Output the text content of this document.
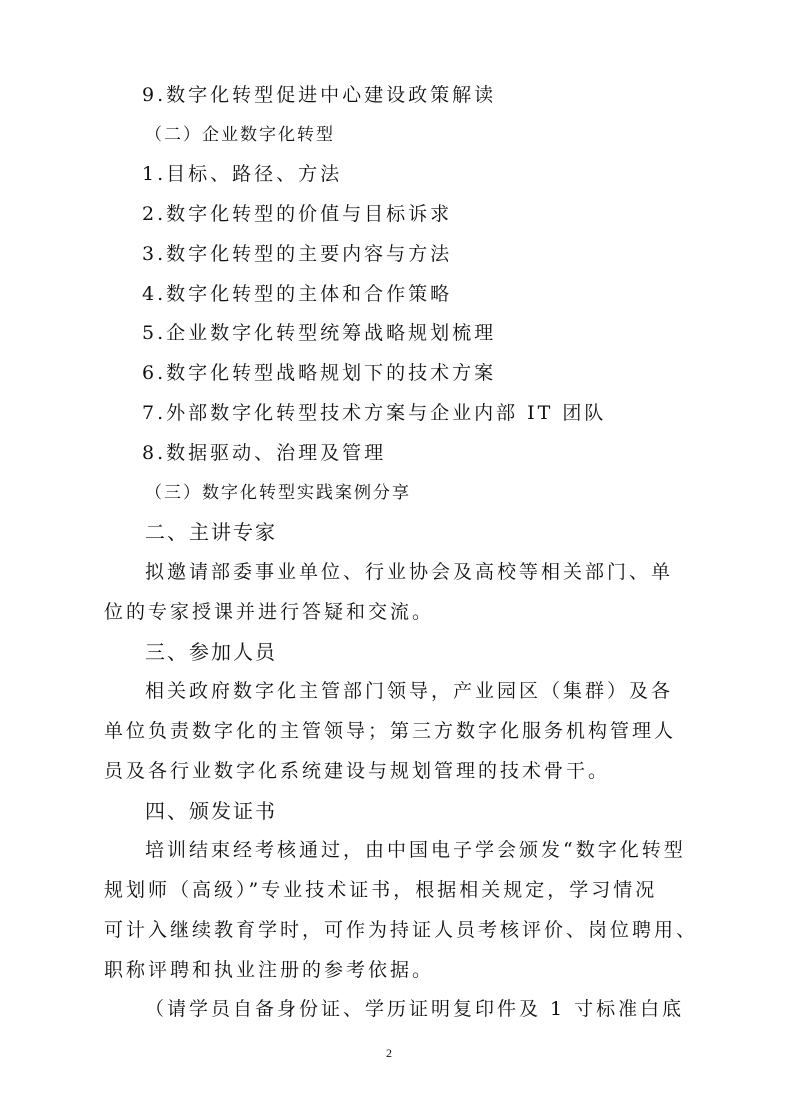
9.数字化转型促进中心建设政策解读
（二）企业数字化转型
1.目标、路径、方法
2.数字化转型的价值与目标诉求
3.数字化转型的主要内容与方法
4.数字化转型的主体和合作策略
5.企业数字化转型统筹战略规划梳理
6.数字化转型战略规划下的技术方案
7.外部数字化转型技术方案与企业内部 IT 团队
8.数据驱动、治理及管理
（三）数字化转型实践案例分享
二、主讲专家
拟邀请部委事业单位、行业协会及高校等相关部门、单
位的专家授课并进行答疑和交流。
三、参加人员
相关政府数字化主管部门领导，产业园区（集群）及各
单位负责数字化的主管领导；第三方数字化服务机构管理人
员及各行业数字化系统建设与规划管理的技术骨干。
四、颁发证书
培训结束经考核通过，由中国电子学会颁发“数字化转型
规划师（高级）”专业技术证书，根据相关规定，学习情况
可计入继续教育学时，可作为持证人员考核评价、岗位聘用、
职称评聘和执业注册的参考依据。
（请学员自备身份证、学历证明复印件及 1 寸标准白底
2
